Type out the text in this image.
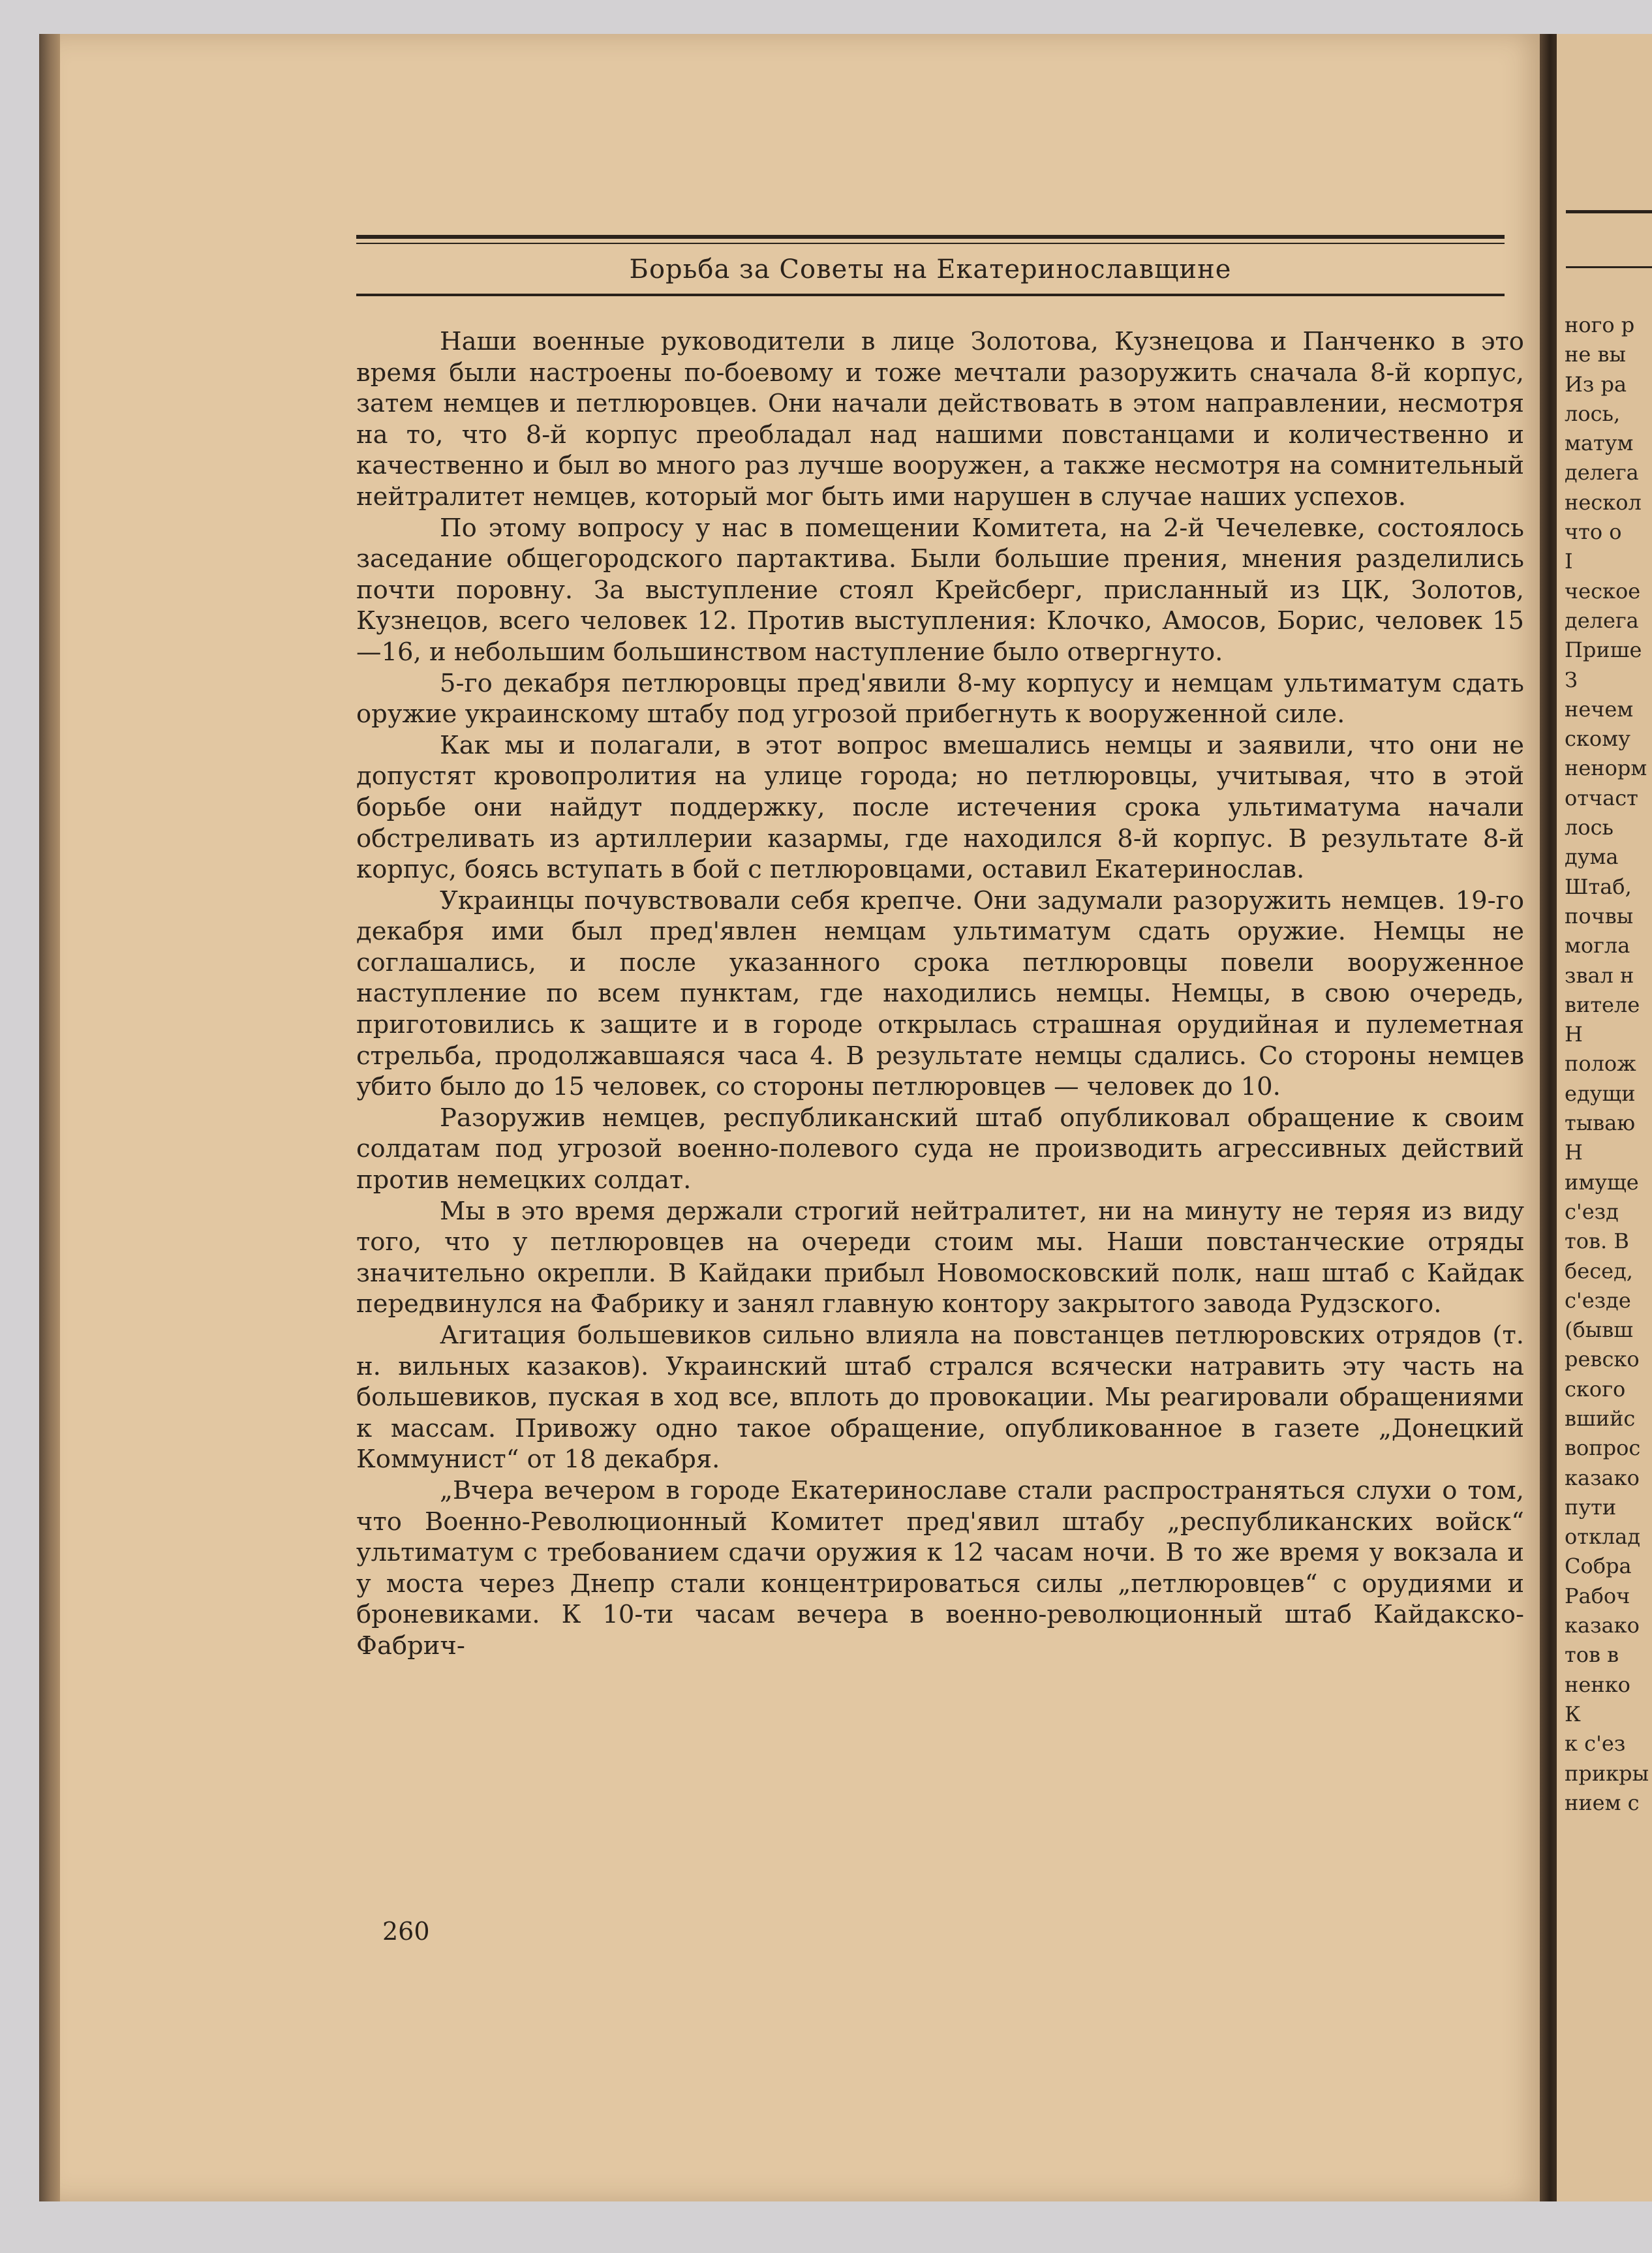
Борьба за Советы на Екатеринославщине

Наши военные руководители в лице Золотова, Кузнецова и Панченко в это время были настроены по-боевому и тоже мечтали разоружить сначала 8-й корпус, затем немцев и петлюровцев. Они начали действовать в этом направлении, несмотря на то, что 8-й корпус преобладал над нашими повстанцами и количественно и качественно и был во много раз лучше вооружен, а также несмотря на сомнительный нейтралитет немцев, который мог быть ими нарушен в случае наших успехов.

По этому вопросу у нас в помещении Комитета, на 2-й Чечелевке, состоялось заседание общегородского партактива. Были большие прения, мнения разделились почти поровну. За выступление стоял Крейсберг, присланный из ЦК, Золотов, Кузнецов, всего человек 12. Против выступления: Клочко, Амосов, Борис, человек 15—16, и небольшим большинством наступление было отвергнуто.

5-го декабря петлюровцы пред'явили 8-му корпусу и немцам ультиматум сдать оружие украинскому штабу под угрозой прибегнуть к вооруженной силе.

Как мы и полагали, в этот вопрос вмешались немцы и заявили, что они не допустят кровопролития на улице города; но петлюровцы, учитывая, что в этой борьбе они найдут поддержку, после истечения срока ультиматума начали обстреливать из артиллерии казармы, где находился 8-й корпус. В результате 8-й корпус, боясь вступать в бой с петлюровцами, оставил Екатеринослав.

Украинцы почувствовали себя крепче. Они задумали разоружить немцев. 19-го декабря ими был пред'явлен немцам ультиматум сдать оружие. Немцы не соглашались, и после указанного срока петлюровцы повели вооруженное наступление по всем пунктам, где находились немцы. Немцы, в свою очередь, приготовились к защите и в городе открылась страшная орудийная и пулеметная стрельба, продолжавшаяся часа 4. В результате немцы сдались. Со стороны немцев убито было до 15 человек, со стороны петлюровцев — человек до 10.

Разоружив немцев, республиканский штаб опубликовал обращение к своим солдатам под угрозой военно-полевого суда не производить агрессивных действий против немецких солдат.

Мы в это время держали строгий нейтралитет, ни на минуту не теряя из виду того, что у петлюровцев на очереди стоим мы. Наши повстанческие отряды значительно окрепли. В Кайдаки прибыл Новомосковский полк, наш штаб с Кайдак передвинулся на Фабрику и занял главную контору закрытого завода Рудзского.

Агитация большевиков сильно влияла на повстанцев петлюровских отрядов (т. н. вильных казаков). Украинский штаб стрался всячески натравить эту часть на большевиков, пуская в ход все, вплоть до провокации. Мы реагировали обращениями к массам. Привожу одно такое обращение, опубликованное в газете „Донецкий Коммунист“ от 18 декабря.

„Вчера вечером в городе Екатеринославе стали распространяться слухи о том, что Военно-Революционный Комитет пред'явил штабу „республиканских войск“ ультиматум с требованием сдачи оружия к 12 часам ночи. В то же время у вокзала и у моста через Днепр стали концентрироваться силы „петлюровцев“ с орудиями и броневиками. К 10-ти часам вечера в военно-революционный штаб Кайдакско-Фабрич-

260
ного р
не вы
Из ра
лось,
матум
делега
нескол
что о
І
ческое
делега
Прише
З
нечем
скому
ненорм
отчаст
лось
дума
Штаб,
почвы
могла
звал н
вителе
Н
полож
едущи
тываю
Н
имуще
с'езд
тов. В
бесед,
с'езде
(бывш
ревско
ского
вшийс
вопрос
казако
пути
отклад
Собра
Рабоч
казако
тов в
ненко
К
к с'ез
прикры
нием с
